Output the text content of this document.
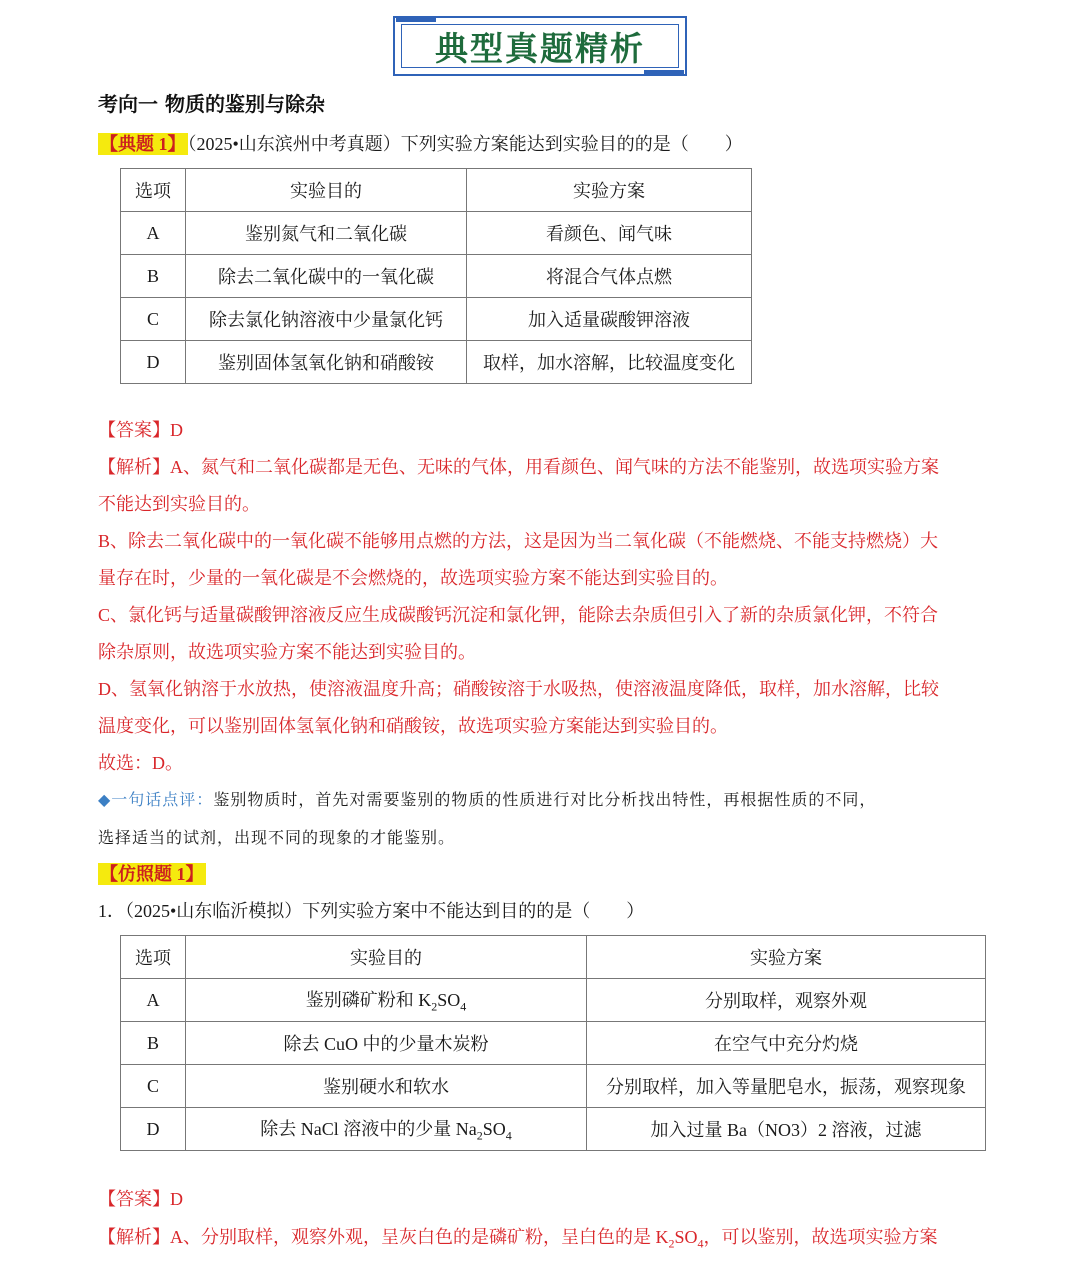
典型真题精析
考向一 物质的鉴别与除杂
【典题 1】 （2025•山东滨州中考真题）下列实验方案能达到实验目的的是（　　）
选项	实验目的	实验方案
A	鉴别氮气和二氧化碳	看颜色、闻气味
B	除去二氧化碳中的一氧化碳	将混合气体点燃
C	除去氯化钠溶液中少量氯化钙	加入适量碳酸钾溶液
D	鉴别固体氢氧化钠和硝酸铵	取样，加水溶解，比较温度变化
【答案】D
【解析】A、氮气和二氧化碳都是无色、无味的气体，用看颜色、闻气味的方法不能鉴别，故选项实验方案
不能达到实验目的。
B、除去二氧化碳中的一氧化碳不能够用点燃的方法，这是因为当二氧化碳（不能燃烧、不能支持燃烧）大
量存在时，少量的一氧化碳是不会燃烧的，故选项实验方案不能达到实验目的。
C、氯化钙与适量碳酸钾溶液反应生成碳酸钙沉淀和氯化钾，能除去杂质但引入了新的杂质氯化钾，不符合
除杂原则，故选项实验方案不能达到实验目的。
D、氢氧化钠溶于水放热，使溶液温度升高；硝酸铵溶于水吸热，使溶液温度降低，取样，加水溶解，比较
温度变化，可以鉴别固体氢氧化钠和硝酸铵，故选项实验方案能达到实验目的。
故选：D。
◆一句话点评：鉴别物质时，首先对需要鉴别的物质的性质进行对比分析找出特性，再根据性质的不同，
选择适当的试剂，出现不同的现象的才能鉴别。
【仿照题 1】
1．（2025•山东临沂模拟）下列实验方案中不能达到目的的是（　　）
选项	实验目的	实验方案
A	鉴别磷矿粉和 $K_2SO_4$	分别取样，观察外观
B	除去 CuO 中的少量木炭粉	在空气中充分灼烧
C	鉴别硬水和软水	分别取样，加入等量肥皂水，振荡，观察现象
D	除去 NaCl 溶液中的少量 $Na_2SO_4$	加入过量 Ba（NO3）2 溶液，过滤
【答案】D
【解析】A、分别取样，观察外观，呈灰白色的是磷矿粉，呈白色的是 $K_2SO_4$，可以鉴别，故选项实验方案
